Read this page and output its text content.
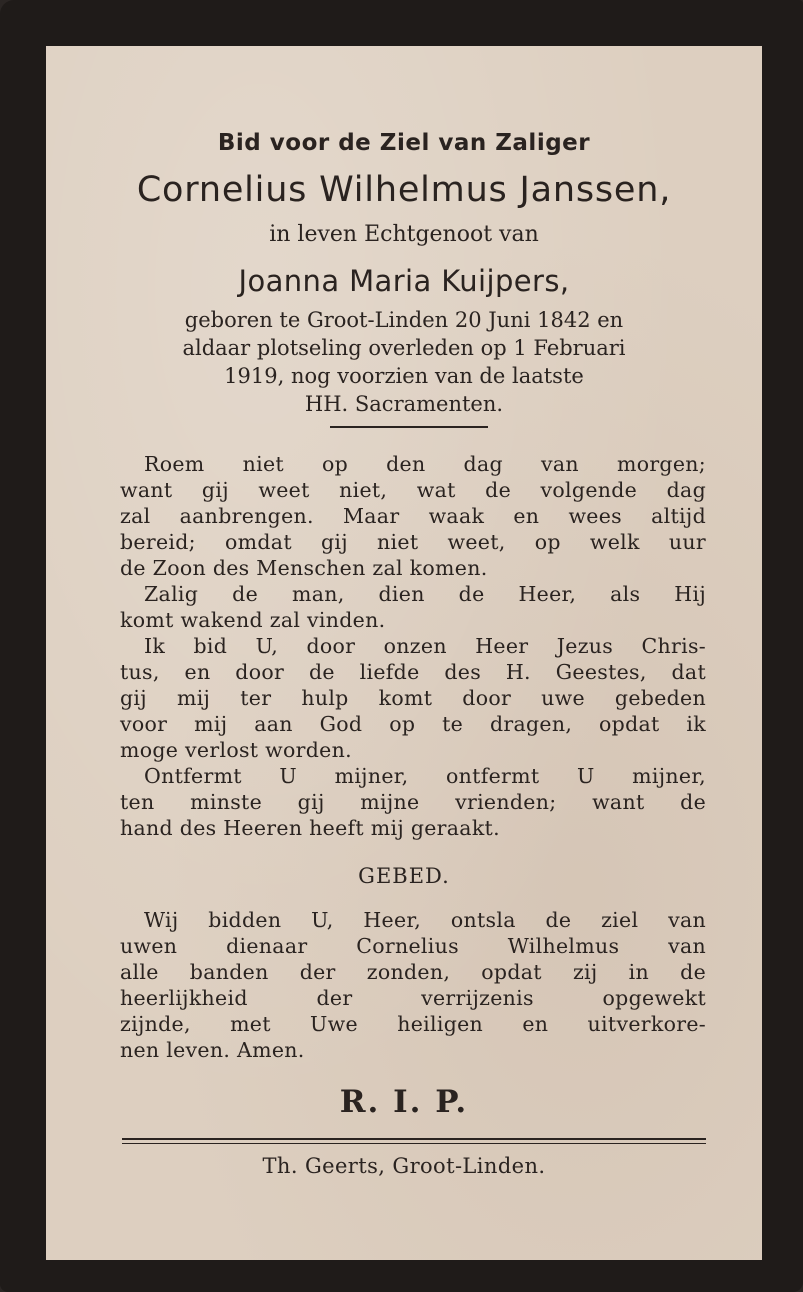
Bid voor de Ziel van Zaliger
Cornelius Wilhelmus Janssen,
in leven Echtgenoot van
Joanna Maria Kuijpers,
geboren te Groot-Linden 20 Juni 1842 en
aldaar plotseling overleden op 1 Februari
1919, nog voorzien van de laatste
HH. Sacramenten.
Roem niet op den dag van morgen;
want gij weet niet, wat de volgende dag
zal aanbrengen. Maar waak en wees altijd
bereid; omdat gij niet weet, op welk uur
de Zoon des Menschen zal komen.
Zalig de man, dien de Heer, als Hij
komt wakend zal vinden.
Ik bid U, door onzen Heer Jezus Chris-
tus, en door de liefde des H. Geestes, dat
gij mij ter hulp komt door uwe gebeden
voor mij aan God op te dragen, opdat ik
moge verlost worden.
Ontfermt U mijner, ontfermt U mijner,
ten minste gij mijne vrienden; want de
hand des Heeren heeft mij geraakt.
GEBED.
Wij bidden U, Heer, ontsla de ziel van
uwen dienaar Cornelius Wilhelmus van
alle banden der zonden, opdat zij in de
heerlijkheid der verrijzenis opgewekt
zijnde, met Uwe heiligen en uitverkore-
nen leven. Amen.
R. I. P.
Th. Geerts, Groot-Linden.
